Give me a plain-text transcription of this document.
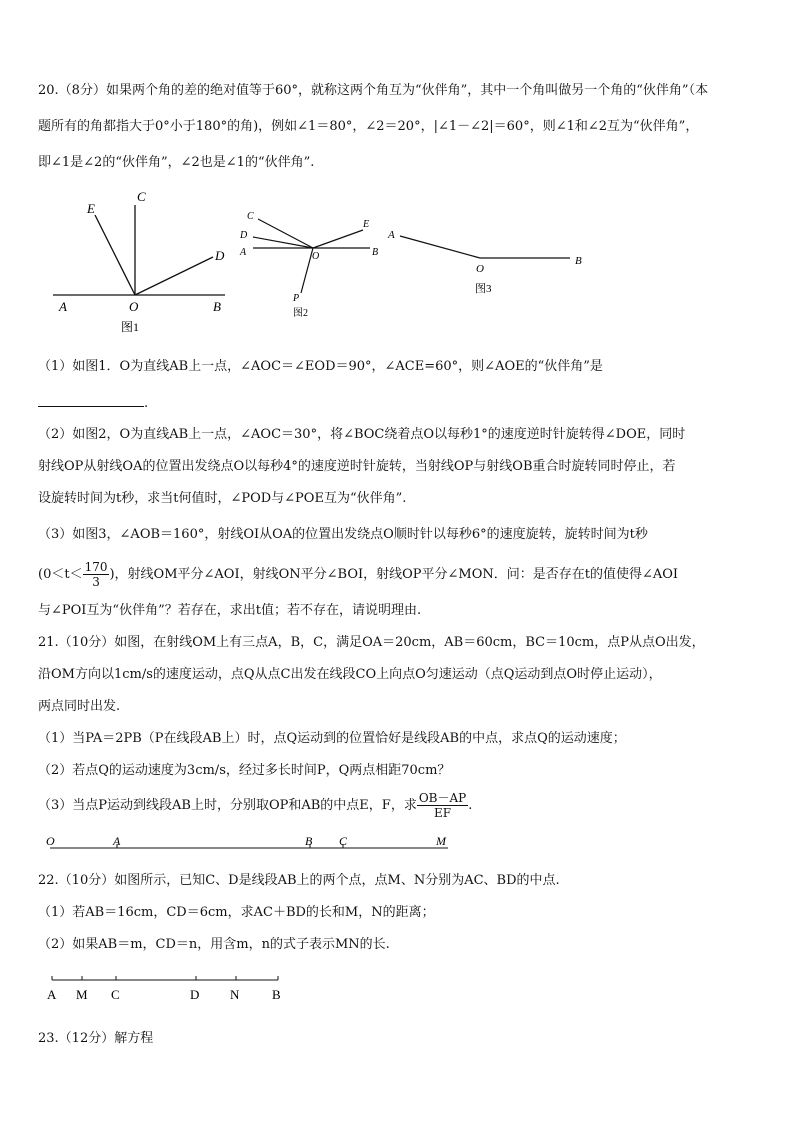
20.（8分）如果两个角的差的绝对值等于60°，就称这两个角互为“伙伴角”，其中一个角叫做另一个角的“伙伴角”（本
题所有的角都指大于0°小于180°的角)，例如∠1＝80°，∠2＝20°，|∠1－∠2|＝60°，则∠1和∠2互为“伙伴角”，
即∠1是∠2的“伙伴角”，∠2也是∠1的“伙伴角”.
E
C
D
A	O	B
图1
C
E
D
A	O	B
P
图2
A
O
B
图3
（1）如图1．O为直线AB上一点，∠AOC＝∠EOD＝90°，∠ACE=60°，则∠AOE的“伙伴角”是
.
（2）如图2，O为直线AB上一点，∠AOC＝30°，将∠BOC绕着点O以每秒1°的速度逆时针旋转得∠DOE，同时
射线OP从射线OA的位置出发绕点O以每秒4°的速度逆时针旋转，当射线OP与射线OB重合时旋转同时停止，若
设旋转时间为t秒，求当t何值时，∠POD与∠POE互为“伙伴角”.
（3）如图3，∠AOB＝160°，射线OI从OA的位置出发绕点O顺时针以每秒6°的速度旋转，旋转时间为t秒
($0<t< \frac{170}{3}$ )，射线OM平分∠AOI，射线ON平分∠BOI，射线OP平分∠MON．问：是否存在t的值使得∠AOI
与∠POI互为“伙伴角”？若存在，求出t值；若不存在，请说明理由.
21.（10分）如图，在射线OM上有三点A，B，C，满足OA＝20cm，AB＝60cm，BC＝10cm，点P从点O出发，
沿OM方向以1cm/s的速度运动，点Q从点C出发在线段CO上向点O匀速运动（点Q运动到点O时停止运动），
两点同时出发.
（1）当PA＝2PB（P在线段AB上）时，点Q运动到的位置恰好是线段AB的中点，求点Q的运动速度；
（2）若点Q的运动速度为3cm/s，经过多长时间P，Q两点相距70cm？
（3）当点P运动到线段AB上时，分别取OP和AB的中点E，F，求 $\frac{OB-AP}{EF}$ .
O	A	B C	M
22.（10分）如图所示，已知C、D是线段AB上的两个点，点M、N分别为AC、BD的中点.
（1）若AB＝16cm，CD＝6cm，求AC＋BD的长和M，N的距离；
（2）如果AB＝m，CD＝n，用含m，n的式子表示MN的长.
A M C	D N	B
23.（12分）解方程
